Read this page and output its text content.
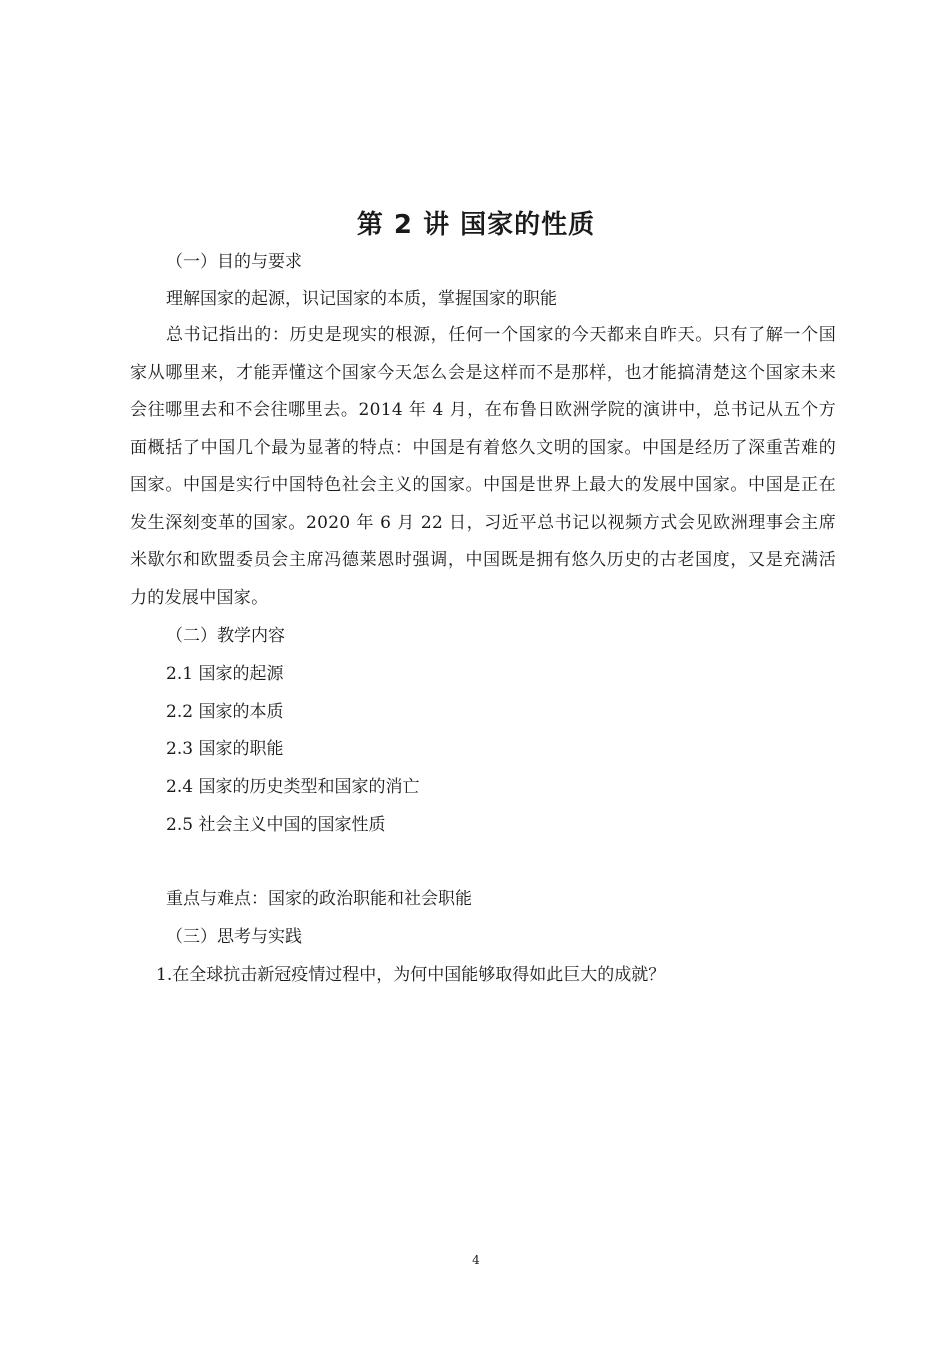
第 2 讲 国家的性质
（一）目的与要求
理解国家的起源，识记国家的本质，掌握国家的职能
总书记指出的：历史是现实的根源，任何一个国家的今天都来自昨天。只有了解一个国家从哪里来，才能弄懂这个国家今天怎么会是这样而不是那样，也才能搞清楚这个国家未来会往哪里去和不会往哪里去。2014 年 4 月，在布鲁日欧洲学院的演讲中，总书记从五个方面概括了中国几个最为显著的特点：中国是有着悠久文明的国家。中国是经历了深重苦难的国家。中国是实行中国特色社会主义的国家。中国是世界上最大的发展中国家。中国是正在发生深刻变革的国家。2020 年 6 月 22 日，习近平总书记以视频方式会见欧洲理事会主席米歇尔和欧盟委员会主席冯德莱恩时强调，中国既是拥有悠久历史的古老国度，又是充满活力的发展中国家。
（二）教学内容
2.1 国家的起源
2.2 国家的本质
2.3 国家的职能
2.4 国家的历史类型和国家的消亡
2.5 社会主义中国的国家性质
重点与难点：国家的政治职能和社会职能
（三）思考与实践
1.在全球抗击新冠疫情过程中，为何中国能够取得如此巨大的成就？
4
